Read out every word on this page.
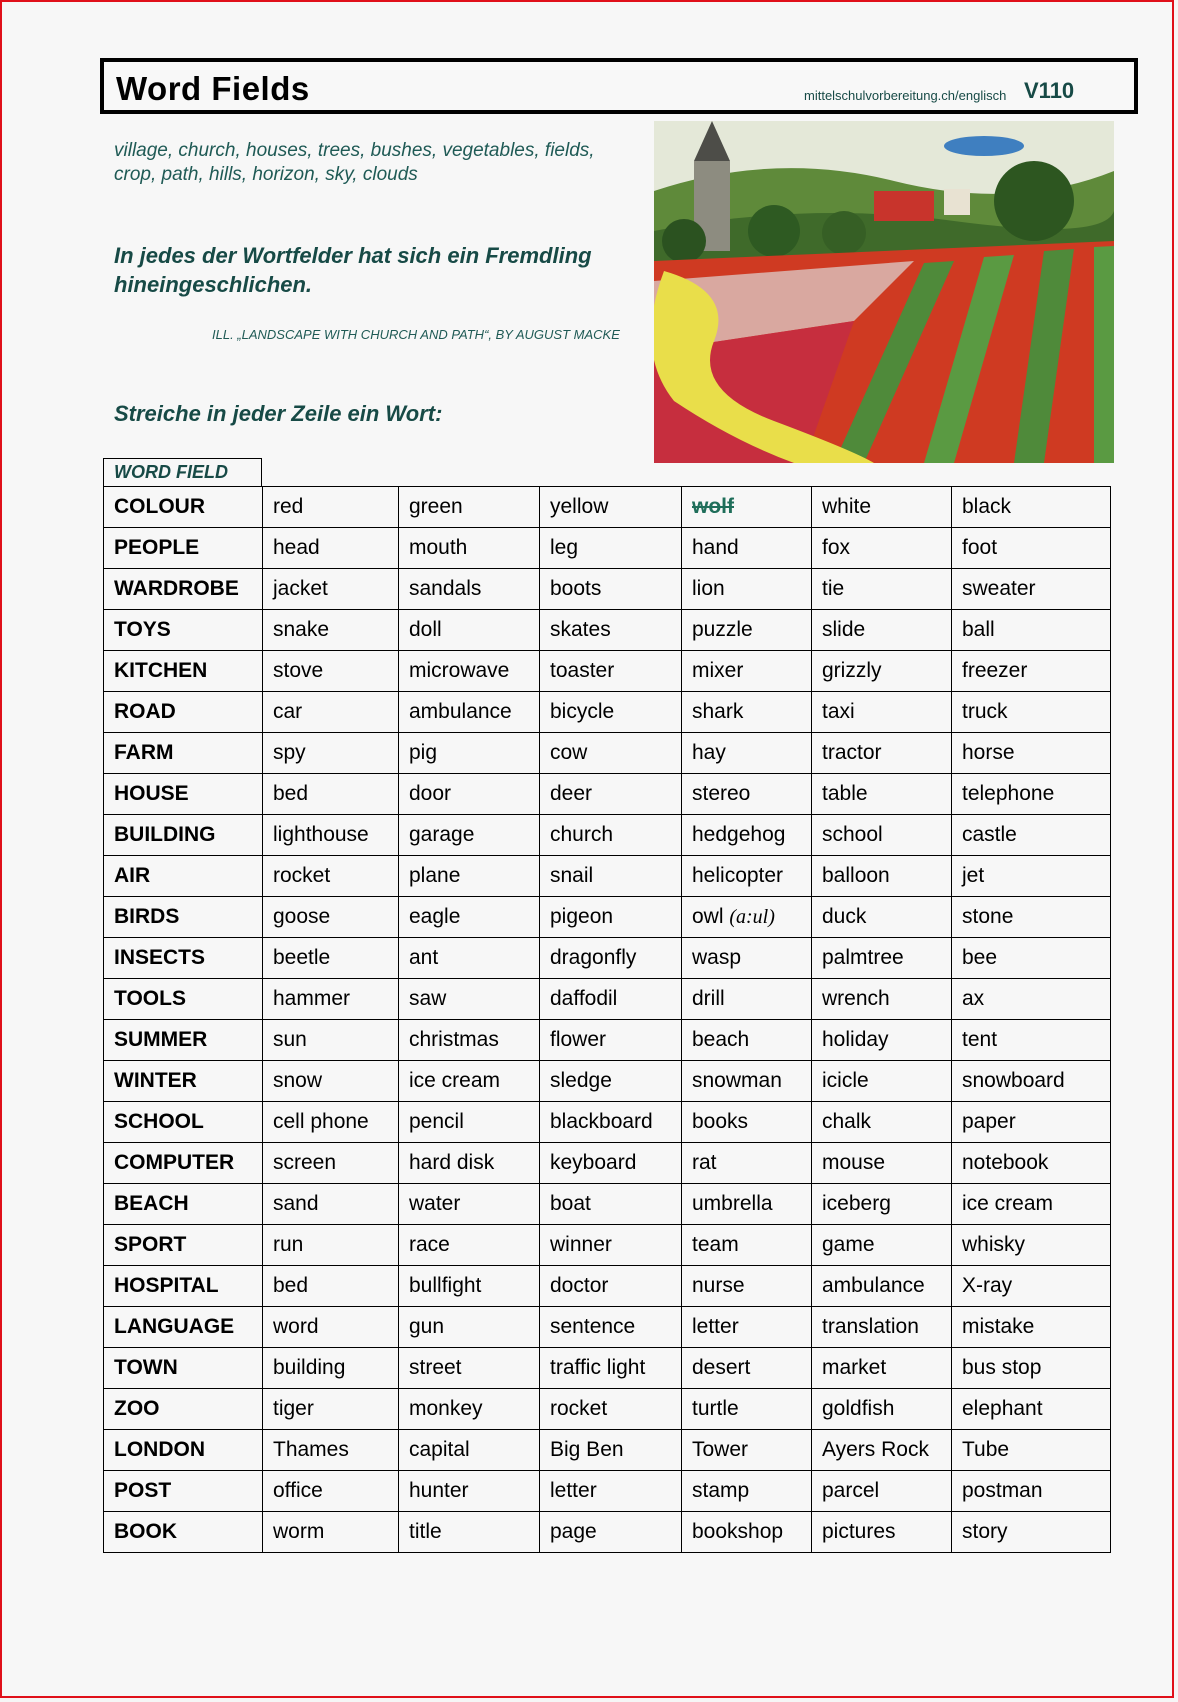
Word Fields	mittelschulvorbereitung.ch/englisch V110
village, church, houses, trees, bushes, vegetables, fields, crop, path, hills, horizon, sky, clouds
In jedes der Wortfelder hat sich ein Fremdling hineingeschlichen.
ILL. „LANDSCAPE WITH CHURCH AND PATH“, BY AUGUST MACKE
Streiche in jeder Zeile ein Wort:
WORD FIELD
COLOUR	red	green	yellow	wolf	white	black
PEOPLE	head	mouth	leg	hand	fox	foot
WARDROBE	jacket	sandals	boots	lion	tie	sweater
TOYS	snake	doll	skates	puzzle	slide	ball
KITCHEN	stove	microwave	toaster	mixer	grizzly	freezer
ROAD	car	ambulance	bicycle	shark	taxi	truck
FARM	spy	pig	cow	hay	tractor	horse
HOUSE	bed	door	deer	stereo	table	telephone
BUILDING	lighthouse	garage	church	hedgehog	school	castle
AIR	rocket	plane	snail	helicopter	balloon	jet
BIRDS	goose	eagle	pigeon	owl (a:ul)	duck	stone
INSECTS	beetle	ant	dragonfly	wasp	palmtree	bee
TOOLS	hammer	saw	daffodil	drill	wrench	ax
SUMMER	sun	christmas	flower	beach	holiday	tent
WINTER	snow	ice cream	sledge	snowman	icicle	snowboard
SCHOOL	cell phone	pencil	blackboard	books	chalk	paper
COMPUTER	screen	hard disk	keyboard	rat	mouse	notebook
BEACH	sand	water	boat	umbrella	iceberg	ice cream
SPORT	run	race	winner	team	game	whisky
HOSPITAL	bed	bullfight	doctor	nurse	ambulance	X-ray
LANGUAGE	word	gun	sentence	letter	translation	mistake
TOWN	building	street	traffic light	desert	market	bus stop
ZOO	tiger	monkey	rocket	turtle	goldfish	elephant
LONDON	Thames	capital	Big Ben	Tower	Ayers Rock	Tube
POST	office	hunter	letter	stamp	parcel	postman
BOOK	worm	title	page	bookshop	pictures	story
